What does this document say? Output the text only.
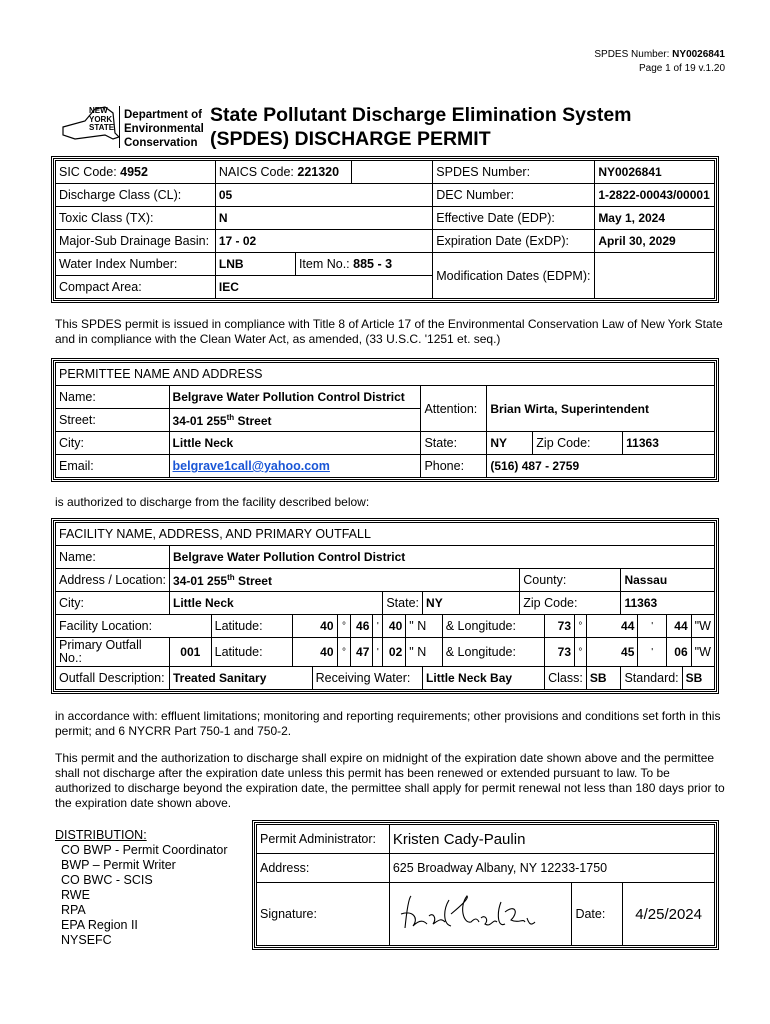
SPDES Number: NY0026841
Page 1 of 19 v.1.20
NEW
YORK
STATE
Department of
Environmental
Conservation
State Pollutant Discharge Elimination System
(SPDES) DISCHARGE PERMIT
SIC Code: 4952	NAICS Code: 221320			SPDES Number:	NY0026841
Discharge Class (CL):	05			DEC Number:	1-2822-00043/00001
Toxic Class (TX):	N			Effective Date (EDP):	May 1, 2024
Major-Sub Drainage Basin:	17 - 02			Expiration Date (ExDP):	April 30, 2029
Water Index Number:	LNB	Item No.: 885 - 3		Modification Dates (EDPM):	
Compact Area:	IEC				
This SPDES permit is issued in compliance with Title 8 of Article 17 of the Environmental Conservation Law of New York State and in compliance with the Clean Water Act, as amended, (33 U.S.C. '1251 et. seq.)
PERMITTEE NAME AND ADDRESS					
Name:	Belgrave Water Pollution Control District	Attention:	Brian Wirta, Superintendent		
Street:	34-01 255th Street				
City:	Little Neck	State:	NY	Zip Code:	11363
Email:	belgrave1call@yahoo.com	Phone:	(516) 487 - 2759		
is authorized to discharge from the facility described below:
FACILITY NAME, ADDRESS, AND PRIMARY OUTFALL																				
Name:	Belgrave Water Pollution Control District																			
Address / Location:	34-01 255th Street											County:				Nassau				
City:	Little Neck							State:		NY		Zip Code:				11363				
Facility Location:		Latitude:	40		°	46	'	40	" N		& Longitude:		73	°	44		'	44		"W
Primary Outfall No.:	001	Latitude:	40		°	47	'	02	" N		& Longitude:		73	°	45		'	06		"W
Outfall Description:	Treated Sanitary			Receiving Water:						Little Neck Bay			Class:		SB	Standard:			SB	
in accordance with: effluent limitations; monitoring and reporting requirements; other provisions and conditions set forth in this permit; and 6 NYCRR Part 750-1 and 750-2.
This permit and the authorization to discharge shall expire on midnight of the expiration date shown above and the permittee shall not discharge after the expiration date unless this permit has been renewed or extended pursuant to law. To be authorized to discharge beyond the expiration date, the permittee shall apply for permit renewal not less than 180 days prior to the expiration date shown above.
DISTRIBUTION:
CO BWP - Permit Coordinator
BWP – Permit Writer
CO BWC - SCIS
RWE
RPA
EPA Region II
NYSEFC
Permit Administrator:	Kristen Cady-Paulin		
Address:	625 Broadway Albany, NY 12233-1750		
Signature:		Date:	4/25/2024
